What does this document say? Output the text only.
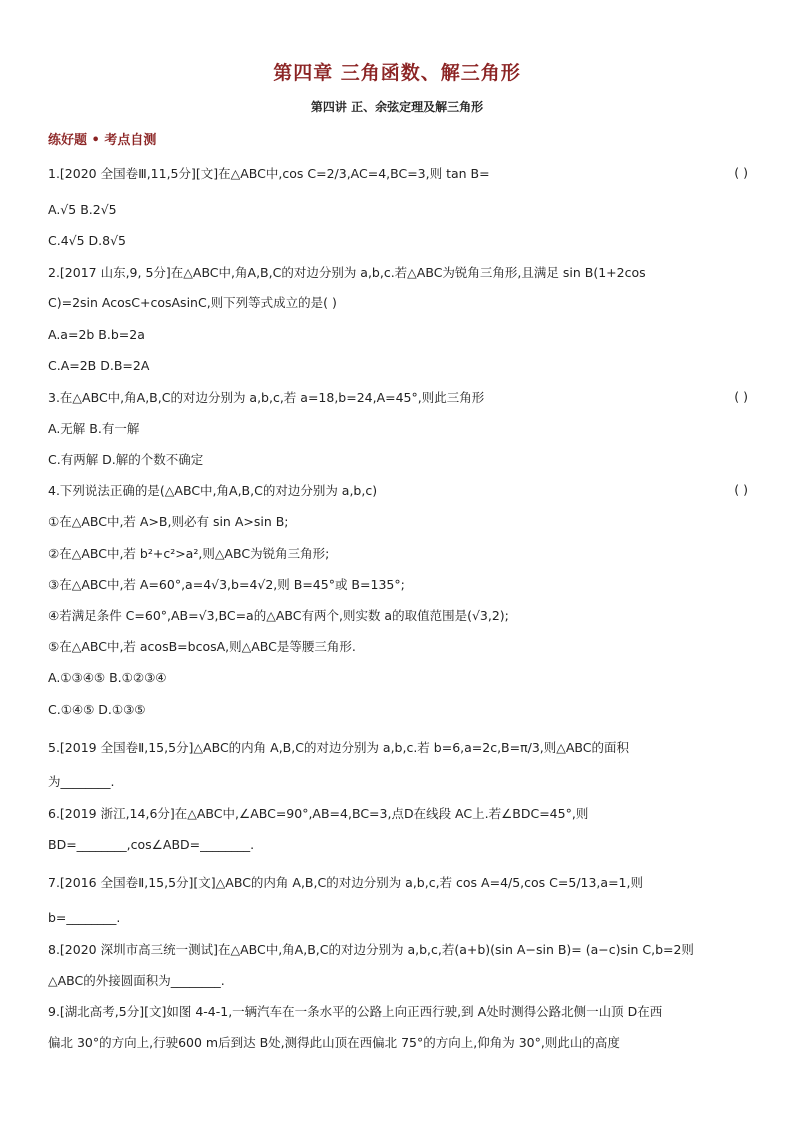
第四章 三角函数、解三角形
第四讲 正、余弦定理及解三角形
练好题 • 考点自测
1.[2020 全国卷Ⅲ,11,5分][文]在△ABC中,cos C=2/3,AC=4,BC=3,则 tan B=	( )
A.√5 B.2√5
C.4√5 D.8√5
2.[2017 山东,9, 5分]在△ABC中,角A,B,C的对边分别为 a,b,c.若△ABC为锐角三角形,且满足 sin B(1+2cos
C)=2sin AcosC+cosAsinC,则下列等式成立的是( )
A.a=2b B.b=2a
C.A=2B D.B=2A
3.在△ABC中,角A,B,C的对边分别为 a,b,c,若 a=18,b=24,A=45°,则此三角形	( )
A.无解 B.有一解
C.有两解 D.解的个数不确定
4.下列说法正确的是(△ABC中,角A,B,C的对边分别为 a,b,c)	( )
①在△ABC中,若 A>B,则必有 sin A>sin B;
②在△ABC中,若 b²+c²>a²,则△ABC为锐角三角形;
③在△ABC中,若 A=60°,a=4√3,b=4√2,则 B=45°或 B=135°;
④若满足条件 C=60°,AB=√3,BC=a的△ABC有两个,则实数 a的取值范围是(√3,2);
⑤在△ABC中,若 acosB=bcosA,则△ABC是等腰三角形.
A.①③④⑤ B.①②③④
C.①④⑤ D.①③⑤
5.[2019 全国卷Ⅱ,15,5分]△ABC的内角 A,B,C的对边分别为 a,b,c.若 b=6,a=2c,B=π/3,则△ABC的面积
为________.
6.[2019 浙江,14,6分]在△ABC中,∠ABC=90°,AB=4,BC=3,点D在线段 AC上.若∠BDC=45°,则
BD=________,cos∠ABD=________.
7.[2016 全国卷Ⅱ,15,5分][文]△ABC的内角 A,B,C的对边分别为 a,b,c,若 cos A=4/5,cos C=5/13,a=1,则
b=________.
8.[2020 深圳市高三统一测试]在△ABC中,角A,B,C的对边分别为 a,b,c,若(a+b)(sin A−sin B)= (a−c)sin C,b=2则
△ABC的外接圆面积为________.
9.[湖北高考,5分][文]如图 4-4-1,一辆汽车在一条水平的公路上向正西行驶,到 A处时测得公路北侧一山顶 D在西
偏北 30°的方向上,行驶600 m后到达 B处,测得此山顶在西偏北 75°的方向上,仰角为 30°,则此山的高度
